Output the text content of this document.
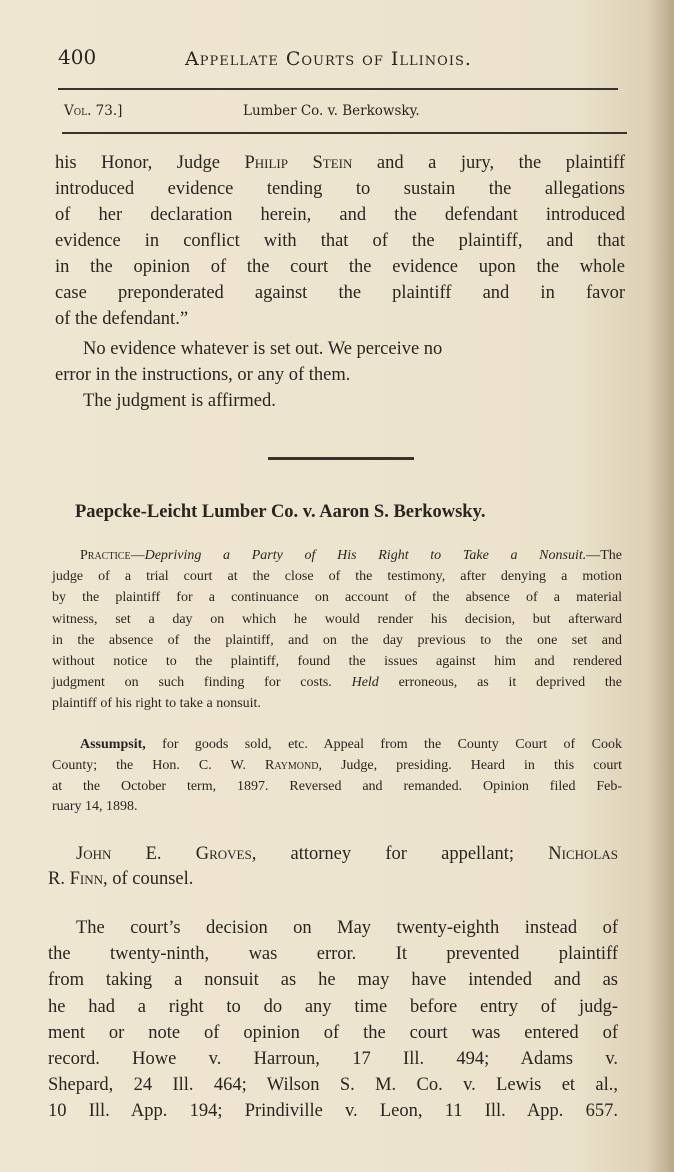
400	Appellate Courts of Illinois.
Vol. 73.]	Lumber Co. v. Berkowsky.
his Honor, Judge Philip Stein and a jury, the plaintiff
introduced evidence tending to sustain the allegations
of her declaration herein, and the defendant introduced
evidence in conflict with that of the plaintiff, and that
in the opinion of the court the evidence upon the whole
case preponderated against the plaintiff and in favor
of the defendant.”
No evidence whatever is set out. We perceive no
error in the instructions, or any of them.
The judgment is affirmed.
Paepcke-Leicht Lumber Co. v. Aaron S. Berkowsky.
Practice—Depriving a Party of His Right to Take a Nonsuit.—The
judge of a trial court at the close of the testimony, after denying a motion
by the plaintiff for a continuance on account of the absence of a material
witness, set a day on which he would render his decision, but afterward
in the absence of the plaintiff, and on the day previous to the one set and
without notice to the plaintiff, found the issues against him and rendered
judgment on such finding for costs. Held erroneous, as it deprived the
plaintiff of his right to take a nonsuit.
Assumpsit, for goods sold, etc. Appeal from the County Court of Cook
County; the Hon. C. W. Raymond, Judge, presiding. Heard in this court
at the October term, 1897. Reversed and remanded. Opinion filed Feb-
ruary 14, 1898.
John E. Groves, attorney for appellant; Nicholas
R. Finn, of counsel.
The court’s decision on May twenty-eighth instead of
the twenty-ninth, was error. It prevented plaintiff
from taking a nonsuit as he may have intended and as
he had a right to do any time before entry of judg-
ment or note of opinion of the court was entered of
record. Howe v. Harroun, 17 Ill. 494; Adams v.
Shepard, 24 Ill. 464; Wilson S. M. Co. v. Lewis et al.,
10 Ill. App. 194; Prindiville v. Leon, 11 Ill. App. 657.
